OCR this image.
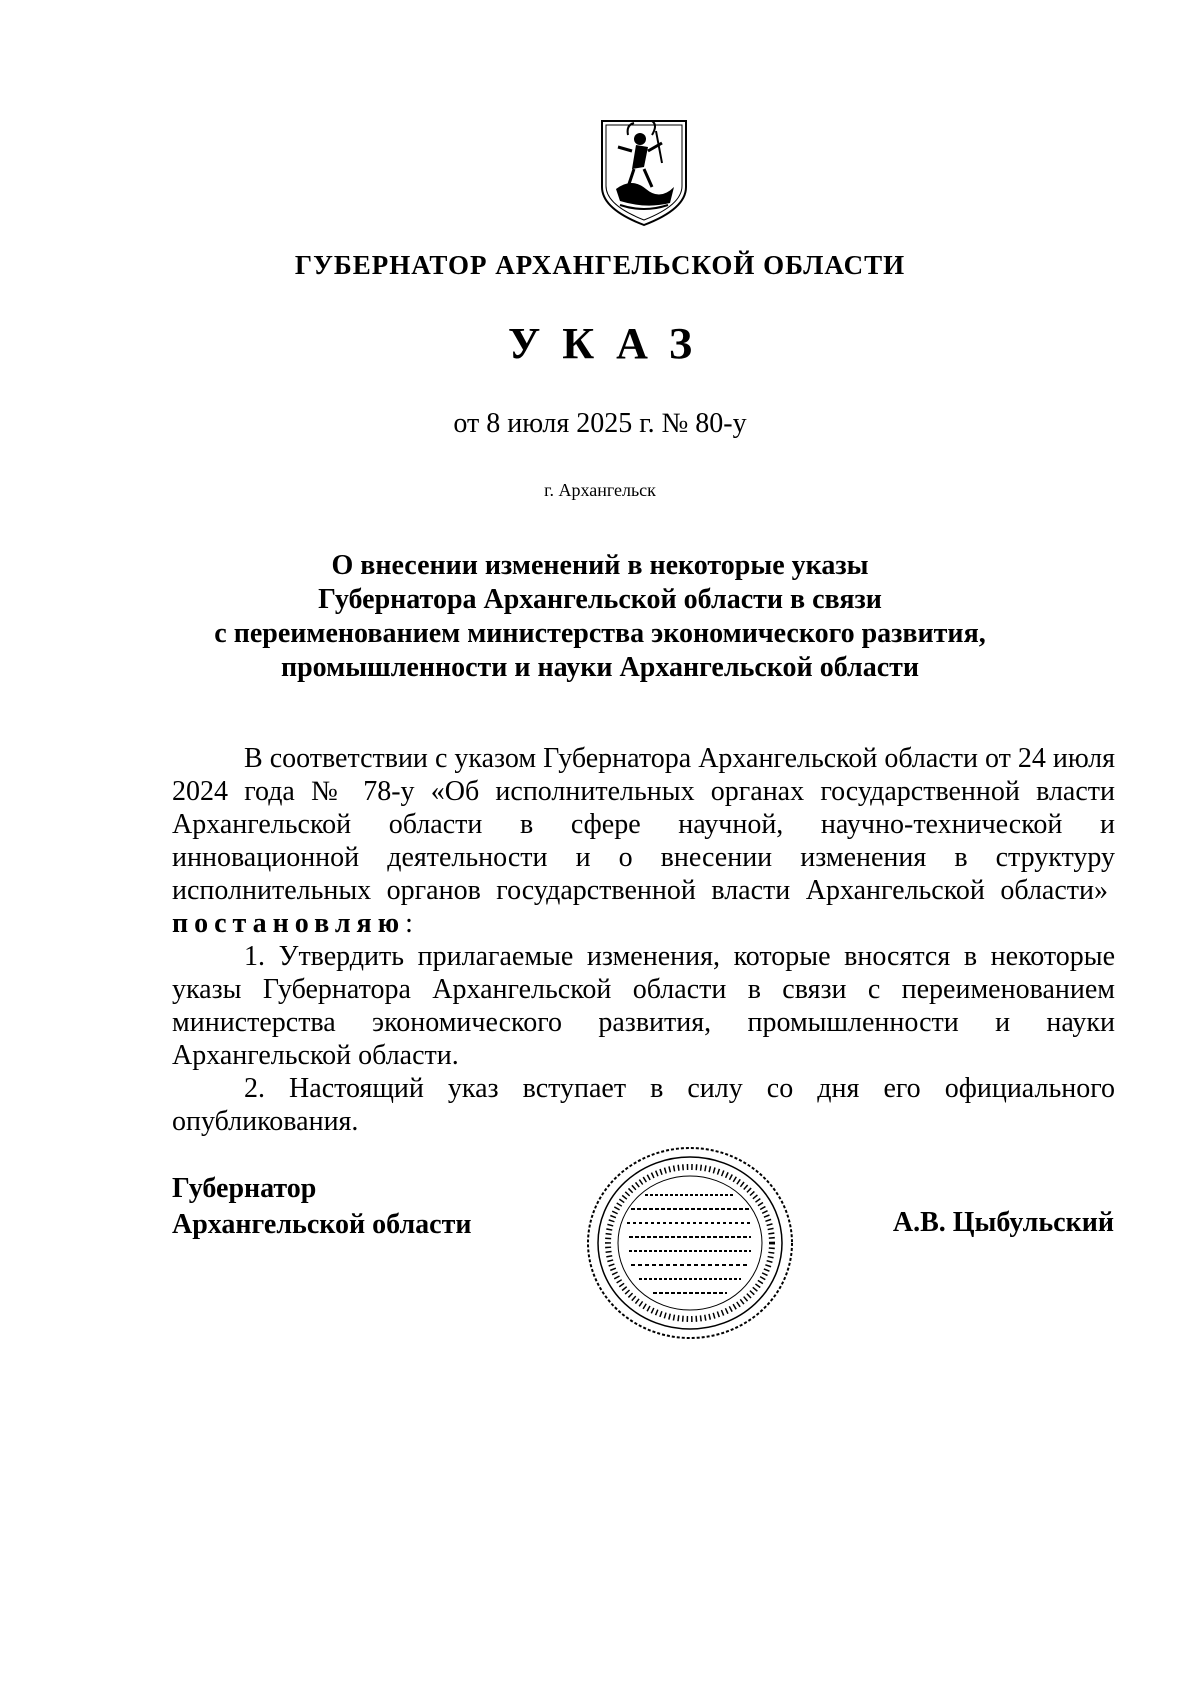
ГУБЕРНАТОР АРХАНГЕЛЬСКОЙ ОБЛАСТИ
УКАЗ
от 8 июля 2025 г. № 80-у
г. Архангельск
О внесении изменений в некоторые указы
Губернатора Архангельской области в связи
с переименованием министерства экономического развития,
промышленности и науки Архангельской области

В соответствии с указом Губернатора Архангельской области от 24 июля 2024 года № 78-у «Об исполнительных органах государственной власти Архангельской области в сфере научной, научно-технической и инновационной деятельности и о внесении изменения в структуру исполнительных органов государственной власти Архангельской области»  постановляю:

1. Утвердить прилагаемые изменения, которые вносятся в некоторые указы Губернатора Архангельской области в связи с переименованием министерства экономического развития, промышленности и науки Архангельской области.

2. Настоящий указ вступает в силу со дня его официального опубликования.

Губернатор
Архангельской области	А.В. Цыбульский
